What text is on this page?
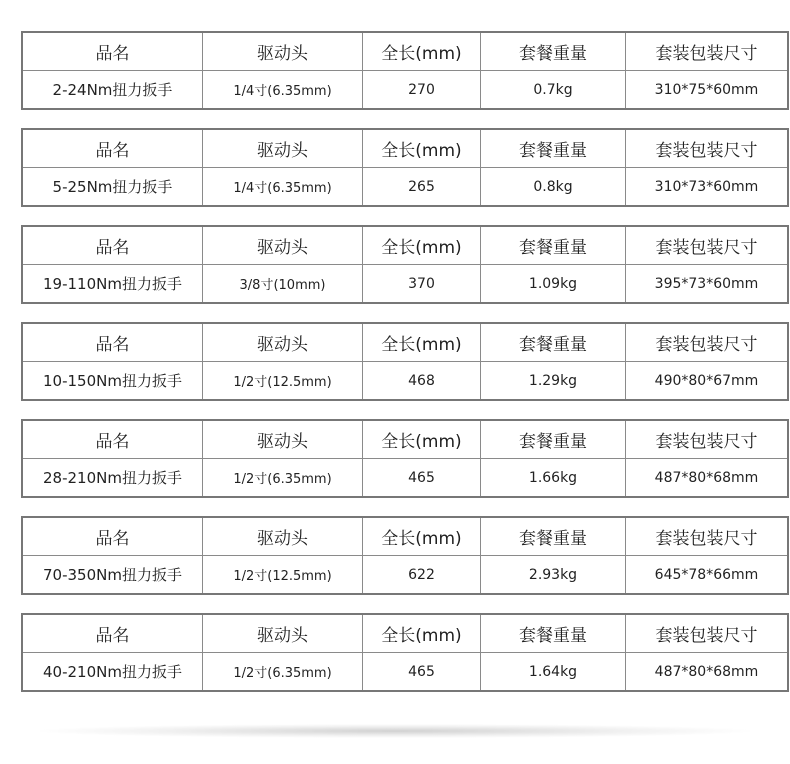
品名	驱动头	全长(mm)	套餐重量	套装包装尺寸
2-24Nm扭力扳手	1/4寸(6.35mm)	270	0.7kg	310*75*60mm
品名	驱动头	全长(mm)	套餐重量	套装包装尺寸
5-25Nm扭力扳手	1/4寸(6.35mm)	265	0.8kg	310*73*60mm
品名	驱动头	全长(mm)	套餐重量	套装包装尺寸
19-110Nm扭力扳手	3/8寸(10mm)	370	1.09kg	395*73*60mm
品名	驱动头	全长(mm)	套餐重量	套装包装尺寸
10-150Nm扭力扳手	1/2寸(12.5mm)	468	1.29kg	490*80*67mm
品名	驱动头	全长(mm)	套餐重量	套装包装尺寸
28-210Nm扭力扳手	1/2寸(6.35mm)	465	1.66kg	487*80*68mm
品名	驱动头	全长(mm)	套餐重量	套装包装尺寸
70-350Nm扭力扳手	1/2寸(12.5mm)	622	2.93kg	645*78*66mm
品名	驱动头	全长(mm)	套餐重量	套装包装尺寸
40-210Nm扭力扳手	1/2寸(6.35mm)	465	1.64kg	487*80*68mm
